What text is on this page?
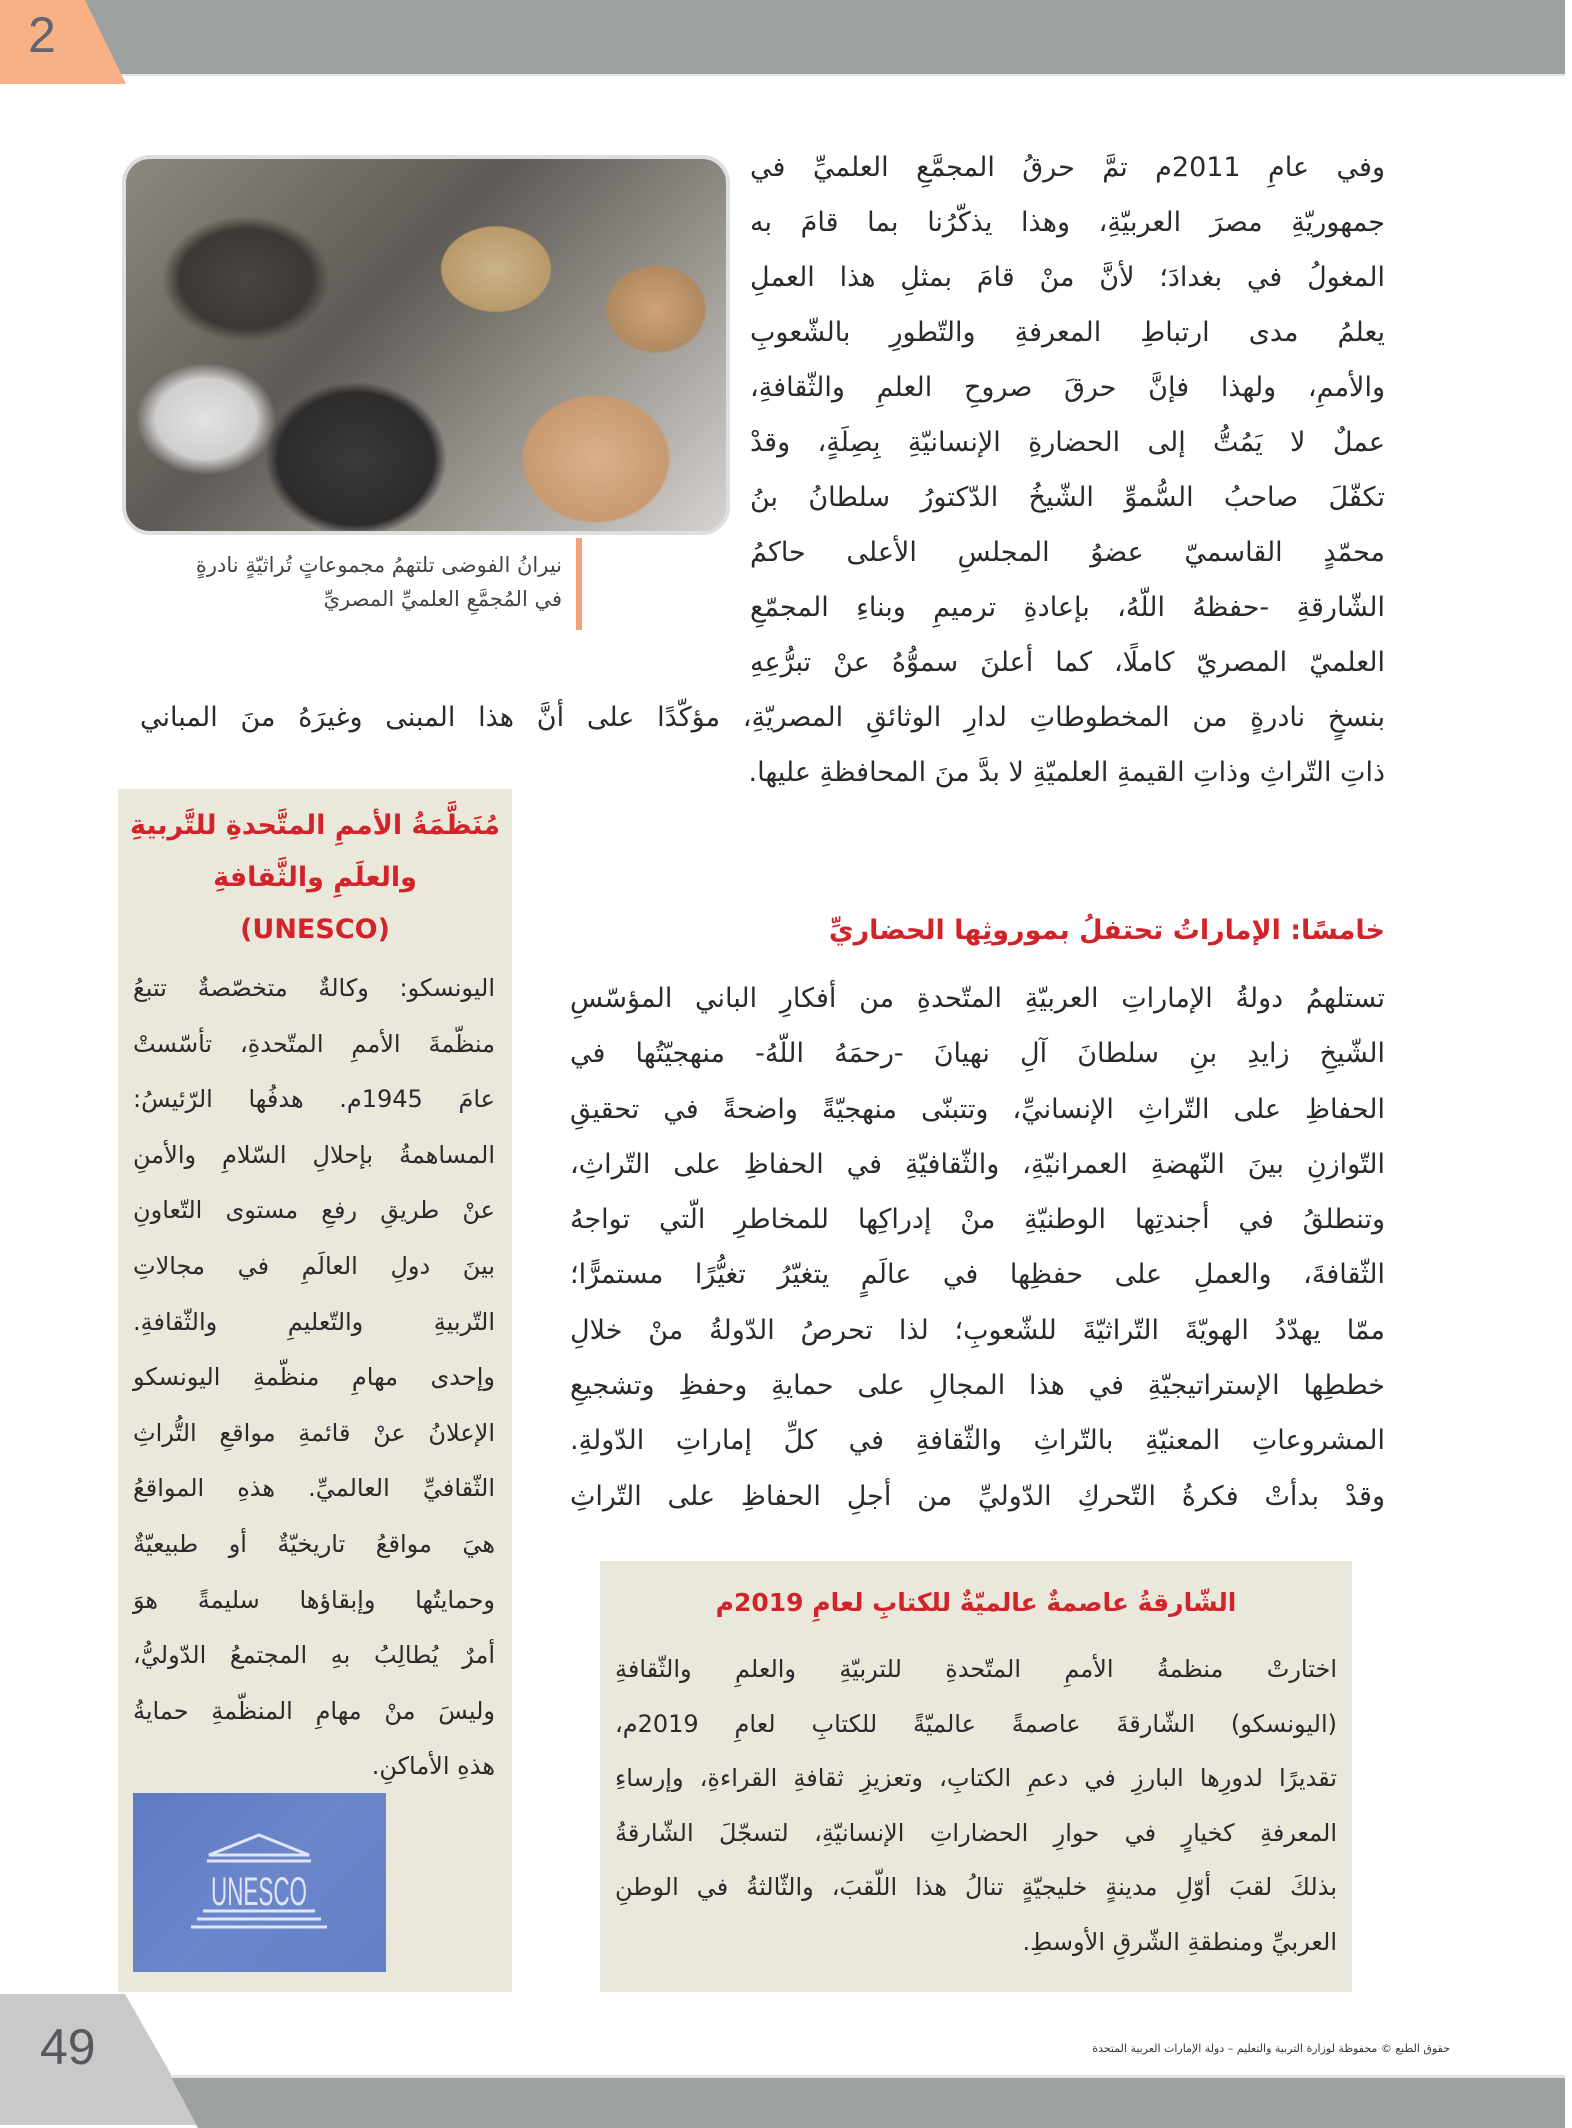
2
نيرانُ الفوضى تلتهمُ مجموعاتٍ تُراثيّةٍ نادرةٍ
في المُجمَّعِ العلميِّ المصريِّ
وفي عامِ 2011م تمَّ حرقُ المجمَّعِ العلميِّ في
جمهوريّةِ مصرَ العربيّةِ، وهذا يذكّرُنا بما قامَ به
المغولُ في بغدادَ؛ لأنَّ منْ قامَ بمثلِ هذا العملِ
يعلمُ مدى ارتباطِ المعرفةِ والتّطورِ بالشّعوبِ
والأممِ، ولهذا فإنَّ حرقَ صروحِ العلمِ والثّقافةِ،
عملٌ لا يَمُتُّ إلى الحضارةِ الإنسانيّةِ بِصِلَةٍ، وقدْ
تكفّلَ صاحبُ السُّموِّ الشّيخُ الدّكتورُ سلطانُ بنُ
محمّدٍ القاسميّ عضوُ المجلسِ الأعلى حاكمُ
الشّارقةِ -حفظهُ اللّهُ، بإعادةِ ترميمِ وبناءِ المجمّعِ
العلميّ المصريّ كاملًا، كما أعلنَ سموُّهُ عنْ تبرُّعِهِ
بنسخٍ نادرةٍ من المخطوطاتِ لدارِ الوثائقِ المصريّةِ، مؤكّدًا على أنَّ هذا المبنى وغيرَهُ منَ المباني
ذاتِ التّراثِ وذاتِ القيمةِ العلميّةِ لا بدَّ منَ المحافظةِ عليها.
مُنَظَّمَةُ الأممِ المتَّحدةِ للتَّربيةِ
والعلَمِ والثَّقافةِ
(UNESCO)
اليونسكو: وكالةٌ متخصّصةٌ تتبعُ
منظّمةَ الأممِ المتّحدةِ، تأسّستْ
عامَ 1945م. هدفُها الرّئيسُ:
المساهمةُ بإحلالِ السّلامِ والأمنِ
عنْ طريقِ رفعِ مستوى التّعاونِ
بينَ دولِ العالَمِ في مجالاتِ
التّربيةِ والتّعليمِ والثّقافةِ.
وإحدى مهامِ منظّمةِ اليونسكو
الإعلانُ عنْ قائمةِ مواقعِ التُّراثِ
الثّقافيِّ العالميِّ. هذهِ المواقعُ
هيَ مواقعُ تاريخيّةٌ أو طبيعيّةٌ
وحمايتُها وإبقاؤها سليمةً هوَ
أمرٌ يُطالِبُ بهِ المجتمعُ الدّوليُّ،
وليسَ منْ مهامِ المنظّمةِ حمايةُ
هذهِ الأماكنِ.
UNESCO
خامسًا: الإماراتُ تحتفلُ بموروثِها الحضاريِّ
تستلهمُ دولةُ الإماراتِ العربيّةِ المتّحدةِ من أفكارِ الباني المؤسّسِ
الشّيخِ زايدِ بنِ سلطانَ آلِ نهيانَ -رحمَهُ اللّهُ- منهجيّتُها في
الحفاظِ على التّراثِ الإنسانيِّ، وتتبنّى منهجيّةً واضحةً في تحقيقِ
التّوازنِ بينَ النّهضةِ العمرانيّةِ، والثّقافيّةِ في الحفاظِ على التّراثِ،
وتنطلقُ في أجندتِها الوطنيّةِ منْ إدراكِها للمخاطرِ الّتي تواجهُ
الثّقافةَ، والعملِ على حفظِها في عالَمٍ يتغيّرُ تغيُّرًا مستمرًّا؛
ممّا يهدّدُ الهويّةَ التّراثيّةَ للشّعوبِ؛ لذا تحرصُ الدّولةُ منْ خلالِ
خططِها الإستراتيجيّةِ في هذا المجالِ على حمايةِ وحفظِ وتشجيعِ
المشروعاتِ المعنيّةِ بالتّراثِ والثّقافةِ في كلِّ إماراتِ الدّولةِ.
وقدْ بدأتْ فكرةُ التّحركِ الدّوليِّ من أجلِ الحفاظِ على التّراثِ
الشّارقةُ عاصمةٌ عالميّةٌ للكتابِ لعامِ 2019م
اختارتْ منظمةُ الأممِ المتّحدةِ للتربيّةِ والعلمِ والثّقافةِ
(اليونسكو) الشّارقةَ عاصمةً عالميّةً للكتابِ لعامِ 2019م،
تقديرًا لدورِها البارزِ في دعمِ الكتابِ، وتعزيزِ ثقافةِ القراءةِ، وإرساءِ
المعرفةِ كخيارٍ في حوارِ الحضاراتِ الإنسانيّةِ، لتسجّلَ الشّارقةُ
بذلكَ لقبَ أوّلِ مدينةٍ خليجيّةٍ تنالُ هذا اللّقبَ، والثّالثةُ في الوطنِ
العربيِّ ومنطقةِ الشّرقِ الأوسطِ.
49	حقوق الطبع © محفوظة لوزارة التربية والتعليم – دولة الإمارات العربية المتحدة
